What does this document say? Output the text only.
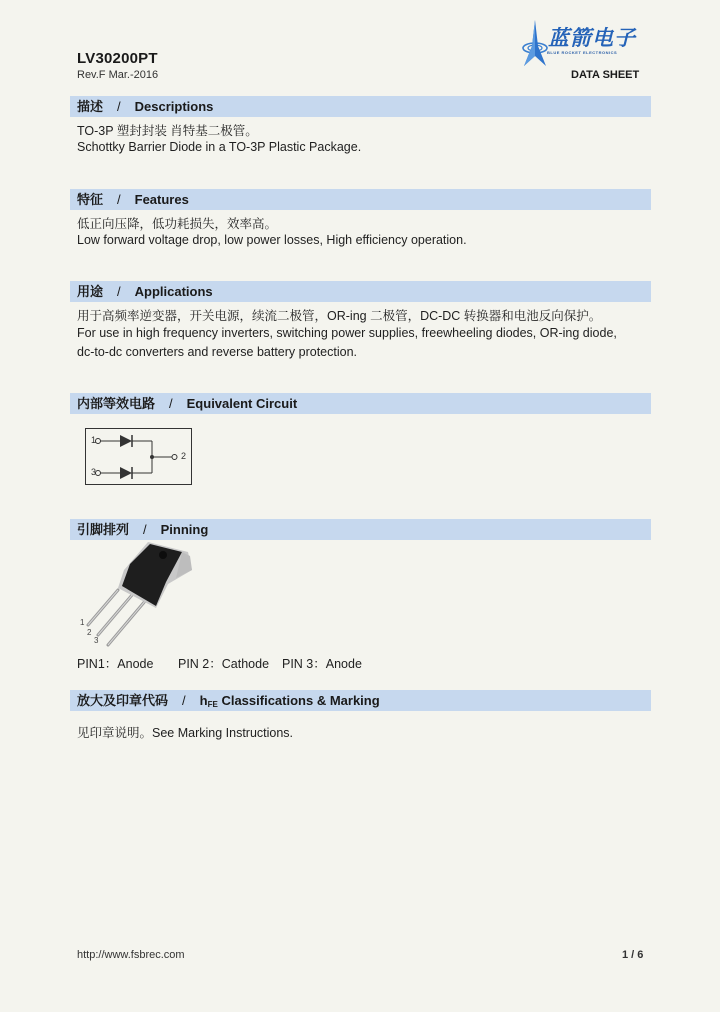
LV30200PT
Rev.F Mar.-2016
蓝箭电子
BLUE ROCKET ELECTRONICS
DATA SHEET
描述 / Descriptions
TO-3P 塑封封装 肖特基二极管。
Schottky Barrier Diode in a TO-3P Plastic Package.
特征 / Features
低正向压降，低功耗损失，效率高。
Low forward voltage drop, low power losses, High efficiency operation.
用途 / Applications
用于高频率逆变器，开关电源，续流二极管，OR-ing 二极管，DC-DC 转换器和电池反向保护。
For use in high frequency inverters, switching power supplies, freewheeling diodes, OR-ing diode,
dc-to-dc converters and reverse battery protection.
内部等效电路 / Equivalent Circuit
1
3
2
引脚排列 / Pinning
1
2
3
PIN1：Anode PIN 2：Cathode PIN 3：Anode
放大及印章代码 / $h_{FE}$ Classifications & Marking
见印章说明。See Marking Instructions.
http://www.fsbrec.com	1 / 6
